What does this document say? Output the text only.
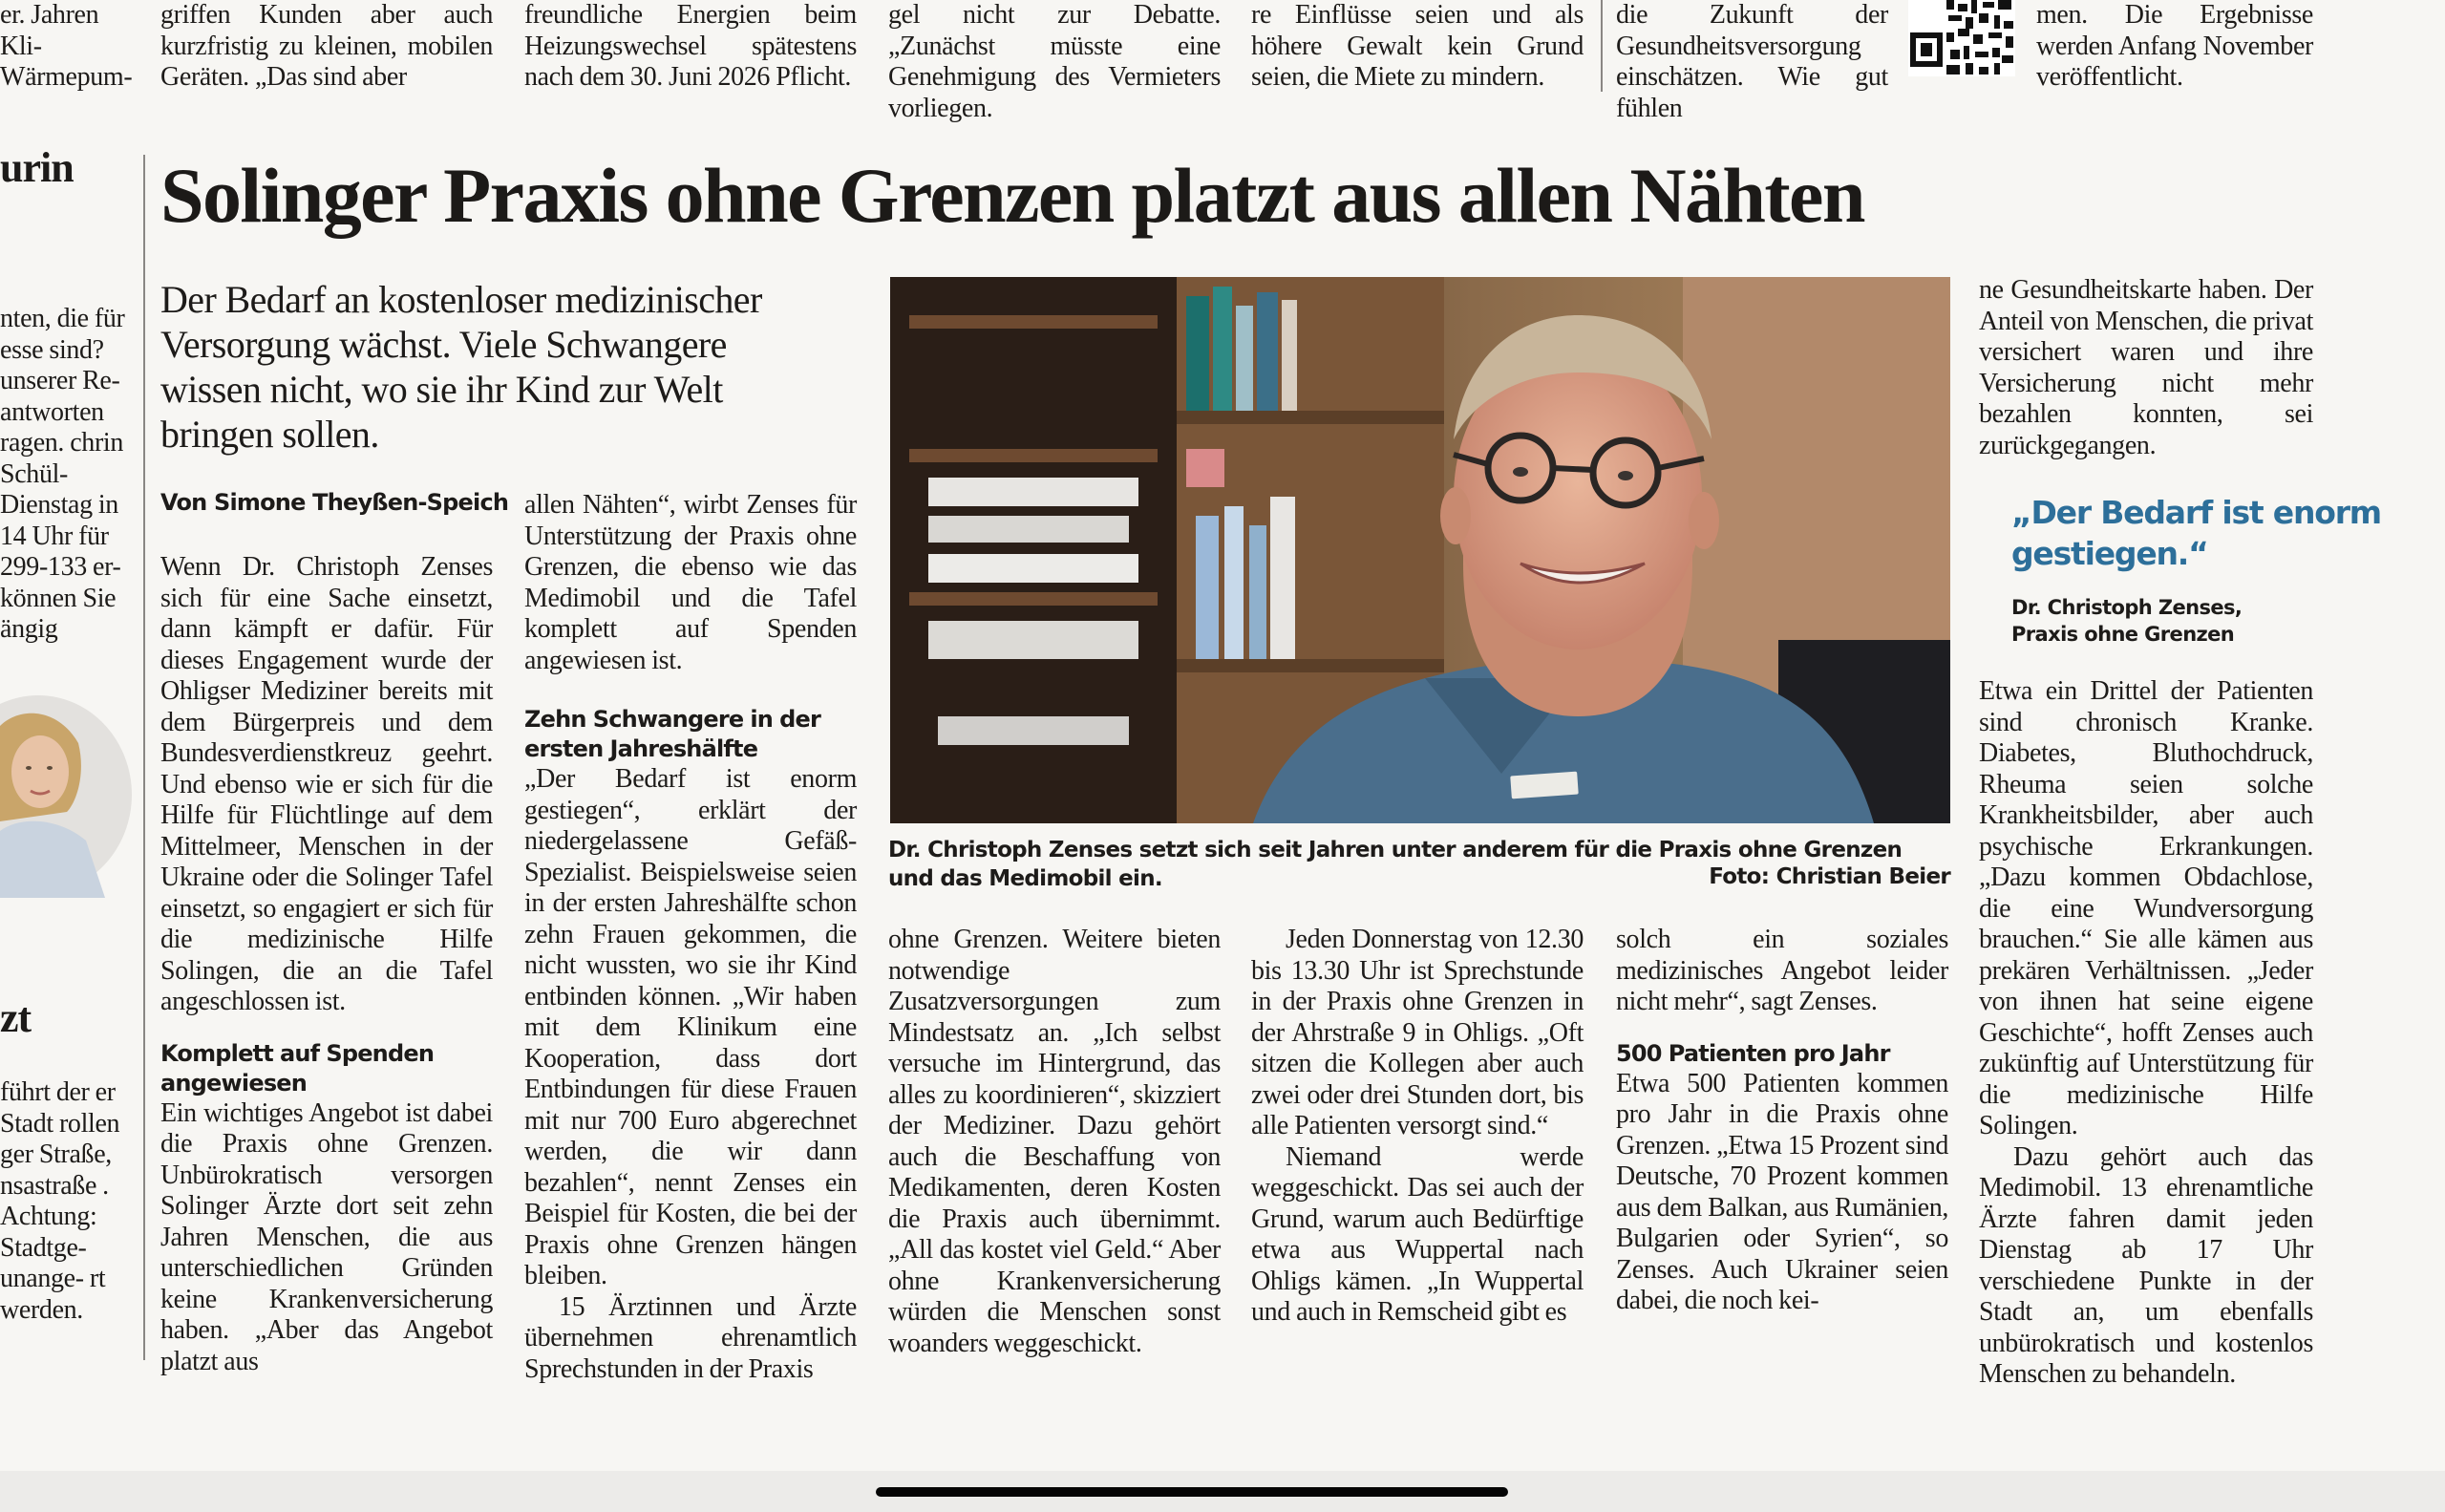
er. Jahren Kli- Wärmepum-

griffen Kunden aber auch kurzfristig zu kleinen, mobilen Geräten. „Das sind aber

freundliche Energien beim Heizungswechsel spätestens nach dem 30. Juni 2026 Pflicht.

gel nicht zur Debatte. „Zunächst müsste eine Genehmigung des Vermieters vorliegen.

re Einflüsse seien und als höhere Gewalt kein Grund seien, die Miete zu mindern.

die Zukunft der Gesundheitsversorgung einschätzen. Wie gut fühlen

men. Die Ergebnisse werden Anfang November veröffentlicht.

urin

nten, die für esse sind? unserer Re- antworten ragen. chrin Schül- Dienstag in 14 Uhr für 299-133 er- können Sie ängig

zt

führt der er Stadt rollen ger Straße, nsastraße . Achtung: Stadtge- unange- rt werden.

Solinger Praxis ohne Grenzen platzt aus allen Nähten
Der Bedarf an kostenloser medizinischer Versorgung wächst. Viele Schwangere wissen nicht, wo sie ihr Kind zur Welt bringen sollen.
Von Simone Theyßen-Speich
Dr. Christoph Zenses setzt sich seit Jahren unter anderem für die Praxis ohne Grenzen und das Medimobil ein.	Foto: Christian Beier

Wenn Dr. Christoph Zenses sich für eine Sache einsetzt, dann kämpft er dafür. Für dieses Engagement wurde der Ohligser Mediziner bereits mit dem Bürgerpreis und dem Bundesverdienstkreuz geehrt. Und ebenso wie er sich für die Hilfe für Flüchtlinge auf dem Mittelmeer, Menschen in der Ukraine oder die Solinger Tafel einsetzt, so engagiert er sich für die medizinische Hilfe Solingen, die an die Tafel angeschlossen ist.

Komplett auf Spenden angewiesen

Ein wichtiges Angebot ist dabei die Praxis ohne Grenzen. Unbürokratisch versorgen Solinger Ärzte dort seit zehn Jahren Menschen, die aus unterschiedlichen Gründen keine Krankenversicherung haben. „Aber das Angebot platzt aus

allen Nähten“, wirbt Zenses für Unterstützung der Praxis ohne Grenzen, die ebenso wie das Medimobil und die Tafel komplett auf Spenden angewiesen ist.

Zehn Schwangere in der ersten Jahreshälfte

„Der Bedarf ist enorm gestiegen“, erklärt der niedergelassene Gefäß-Spezialist. Beispielsweise seien in der ersten Jahreshälfte schon zehn Frauen gekommen, die nicht wussten, wo sie ihr Kind entbinden können. „Wir haben mit dem Klinikum eine Kooperation, dass dort Entbindungen für diese Frauen mit nur 700 Euro abgerechnet werden, die wir dann bezahlen“, nennt Zenses ein Beispiel für Kosten, die bei der Praxis ohne Grenzen hängen bleiben.

15 Ärztinnen und Ärzte übernehmen ehrenamtlich Sprechstunden in der Praxis

ohne Grenzen. Weitere bieten notwendige Zusatzversorgungen zum Mindestsatz an. „Ich selbst versuche im Hintergrund, das alles zu koordinieren“, skizziert der Mediziner. Dazu gehört auch die Beschaffung von Medikamenten, deren Kosten die Praxis auch übernimmt. „All das kostet viel Geld.“ Aber ohne Krankenversicherung würden die Menschen sonst woanders weggeschickt.

Jeden Donnerstag von 12.30 bis 13.30 Uhr ist Sprechstunde in der Praxis ohne Grenzen in der Ahrstraße 9 in Ohligs. „Oft sitzen die Kollegen aber auch zwei oder drei Stunden dort, bis alle Patienten versorgt sind.“

Niemand werde weggeschickt. Das sei auch der Grund, warum auch Bedürftige etwa aus Wuppertal nach Ohligs kämen. „In Wuppertal und auch in Remscheid gibt es

solch ein soziales medizinisches Angebot leider nicht mehr“, sagt Zenses.

500 Patienten pro Jahr

Etwa 500 Patienten kommen pro Jahr in die Praxis ohne Grenzen. „Etwa 15 Prozent sind Deutsche, 70 Prozent kommen aus dem Balkan, aus Rumänien, Bulgarien oder Syrien“, so Zenses. Auch Ukrainer seien dabei, die noch kei-

ne Gesundheitskarte haben. Der Anteil von Menschen, die privat versichert waren und ihre Versicherung nicht mehr bezahlen konnten, sei zurückgegangen.

„Der Bedarf ist enorm gestiegen.“
Dr. Christoph Zenses,
Praxis ohne Grenzen

Etwa ein Drittel der Patienten sind chronisch Kranke. Diabetes, Bluthochdruck, Rheuma seien solche Krankheitsbilder, aber auch psychische Erkrankungen. „Dazu kommen Obdachlose, die eine Wundversorgung brauchen.“ Sie alle kämen aus prekären Verhältnissen. „Jeder von ihnen hat seine eigene Geschichte“, hofft Zenses auch zukünftig auf Unterstützung für die medizinische Hilfe Solingen.

Dazu gehört auch das Medimobil. 13 ehrenamtliche Ärzte fahren damit jeden Dienstag ab 17 Uhr verschiedene Punkte in der Stadt an, um ebenfalls unbürokratisch und kostenlos Menschen zu behandeln.
